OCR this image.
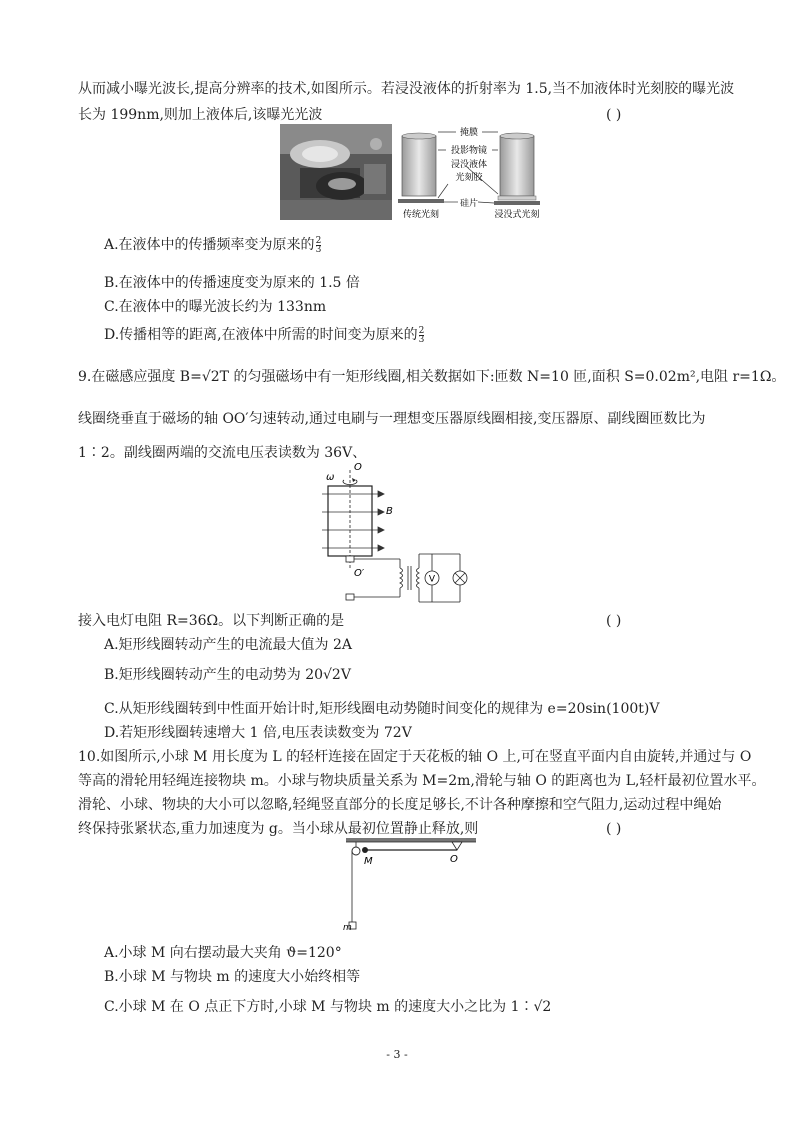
从而减小曝光波长,提高分辨率的技术,如图所示。若浸没液体的折射率为 1.5,当不加液体时光刻胶的曝光波
长为 199nm,则加上液体后,该曝光光波	( )
掩膜
投影物镜
浸没液体
光刻胶
硅片
传统光刻	浸没式光刻
A.在液体中的传播频率变为原来的 $\frac{2}{3}$
B.在液体中的传播速度变为原来的 1.5 倍
C.在液体中的曝光波长约为 133nm
D.传播相等的距离,在液体中所需的时间变为原来的 $\frac{2}{3}$
9.在磁感应强度 B=√2T 的匀强磁场中有一矩形线圈,相关数据如下:匝数 N=10 匝,面积 S=0.02m²,电阻 r=1Ω。
线圈绕垂直于磁场的轴 OO′匀速转动,通过电刷与一理想变压器原线圈相接,变压器原、副线圈匝数比为
1∶2。副线圈两端的交流电压表读数为 36V、
ω
O
B
O′
V
接入电灯电阻 R=36Ω。以下判断正确的是	( )
A.矩形线圈转动产生的电流最大值为 2A
B.矩形线圈转动产生的电动势为 20√2V
C.从矩形线圈转到中性面开始计时,矩形线圈电动势随时间变化的规律为 e=20sin(100t)V
D.若矩形线圈转速增大 1 倍,电压表读数变为 72V
10.如图所示,小球 M 用长度为 L 的轻杆连接在固定于天花板的轴 O 上,可在竖直平面内自由旋转,并通过与 O
等高的滑轮用轻绳连接物块 m。小球与物块质量关系为 M=2m,滑轮与轴 O 的距离也为 L,轻杆最初位置水平。
滑轮、小球、物块的大小可以忽略,轻绳竖直部分的长度足够长,不计各种摩擦和空气阻力,运动过程中绳始
终保持张紧状态,重力加速度为 g。当小球从最初位置静止释放,则	( )
M	O
m
A.小球 M 向右摆动最大夹角 ϑ=120°
B.小球 M 与物块 m 的速度大小始终相等
C.小球 M 在 O 点正下方时,小球 M 与物块 m 的速度大小之比为 1∶√2
- 3 -
